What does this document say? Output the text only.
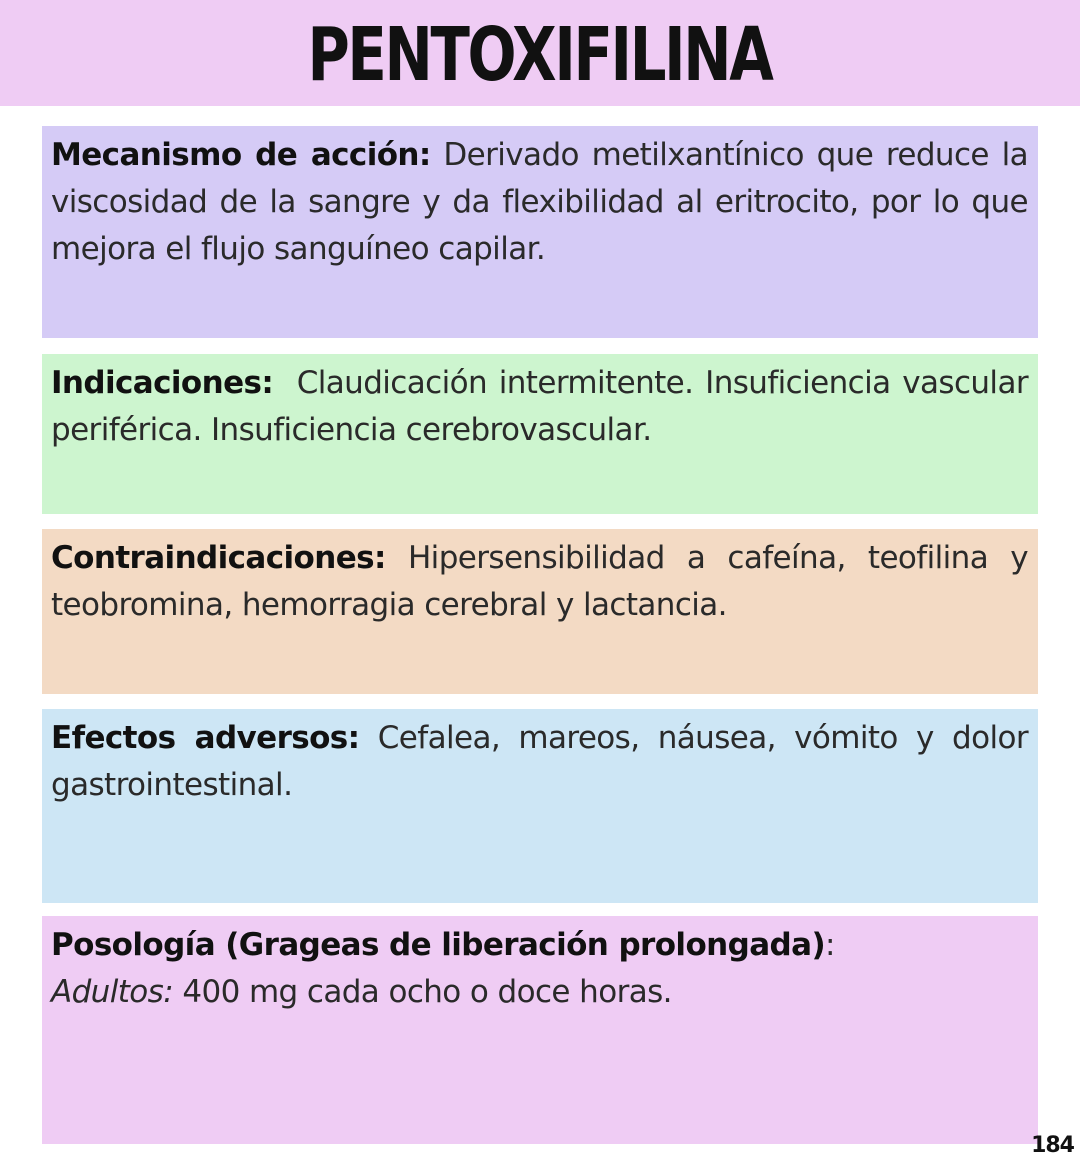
PENTOXIFILINA

Mecanismo de acción: Derivado metilxantínico que reduce la viscosidad de la sangre y da flexibilidad al eritrocito, por lo que mejora el flujo sanguíneo capilar.

Indicaciones: Claudicación intermitente. Insuficiencia vascular periférica. Insuficiencia cerebrovascular.

Contraindicaciones: Hipersensibilidad a cafeína, teofilina y teobromina, hemorragia cerebral y lactancia.

Efectos adversos: Cefalea, mareos, náusea, vómito y dolor gastrointestinal.

Posología (Grageas de liberación prolongada):

Adultos: 400 mg cada ocho o doce horas.

184
